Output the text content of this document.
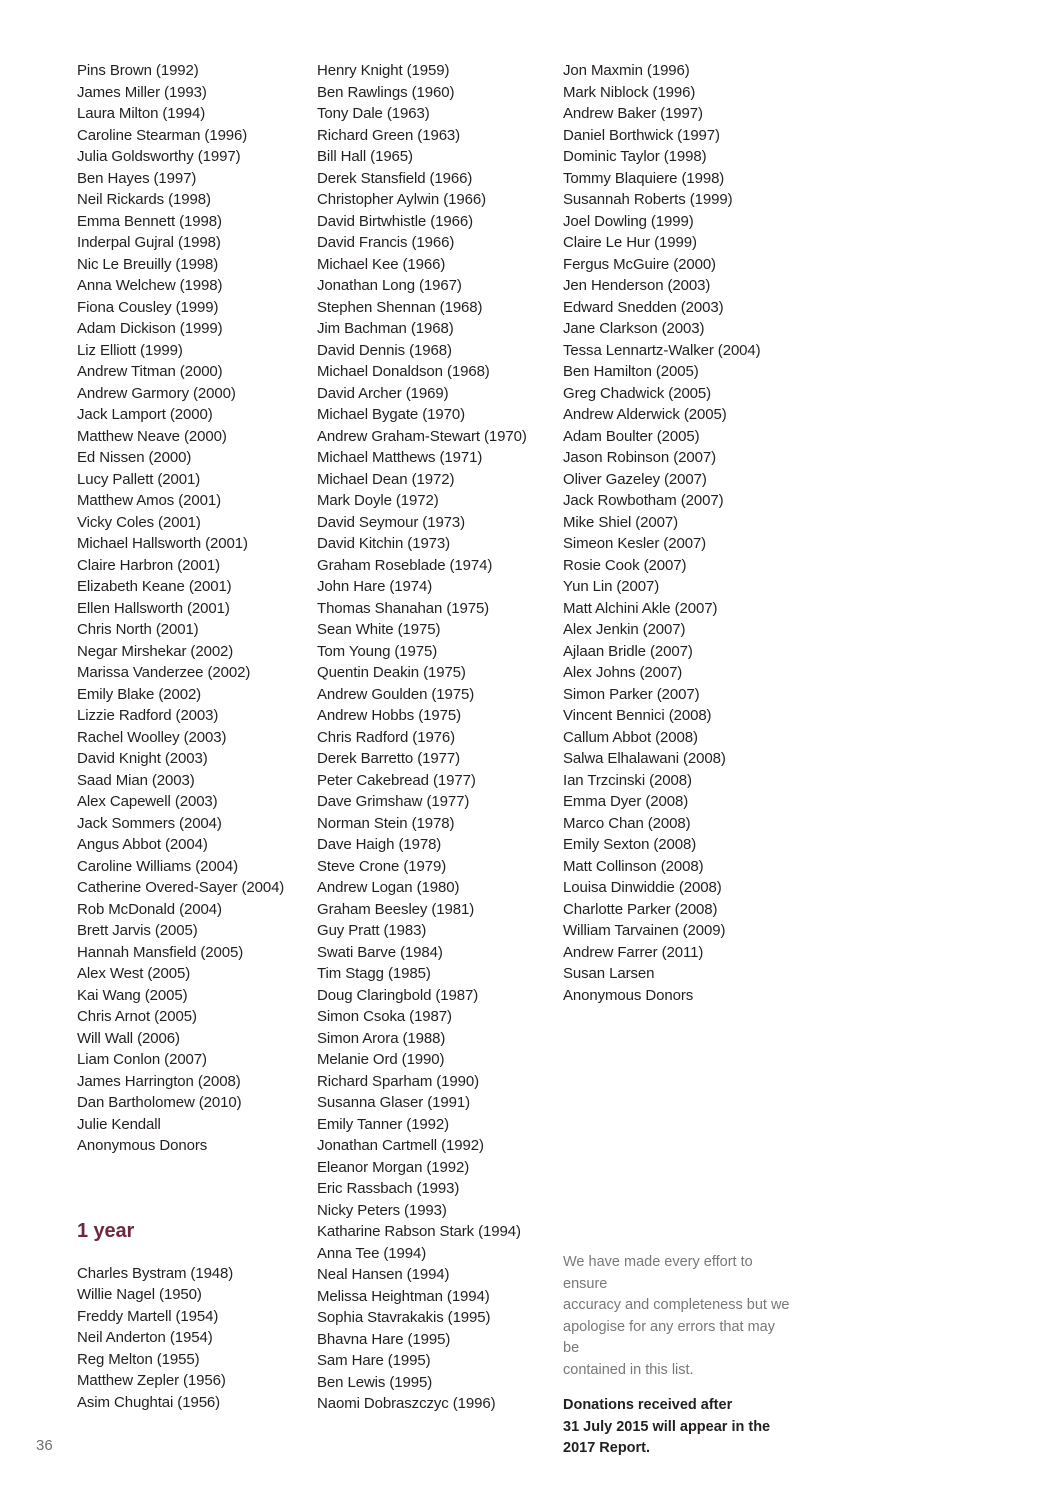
Pins Brown (1992)
James Miller (1993)
Laura Milton (1994)
Caroline Stearman (1996)
Julia Goldsworthy (1997)
Ben Hayes (1997)
Neil Rickards (1998)
Emma Bennett (1998)
Inderpal Gujral (1998)
Nic Le Breuilly (1998)
Anna Welchew (1998)
Fiona Cousley (1999)
Adam Dickison (1999)
Liz Elliott (1999)
Andrew Titman (2000)
Andrew Garmory (2000)
Jack Lamport (2000)
Matthew Neave (2000)
Ed Nissen (2000)
Lucy Pallett (2001)
Matthew Amos (2001)
Vicky Coles (2001)
Michael Hallsworth (2001)
Claire Harbron (2001)
Elizabeth Keane (2001)
Ellen Hallsworth (2001)
Chris North (2001)
Negar Mirshekar (2002)
Marissa Vanderzee (2002)
Emily Blake (2002)
Lizzie Radford (2003)
Rachel Woolley (2003)
David Knight (2003)
Saad Mian (2003)
Alex Capewell (2003)
Jack Sommers (2004)
Angus Abbot (2004)
Caroline Williams (2004)
Catherine Overed-Sayer (2004)
Rob McDonald (2004)
Brett Jarvis (2005)
Hannah Mansfield (2005)
Alex West (2005)
Kai Wang (2005)
Chris Arnot (2005)
Will Wall (2006)
Liam Conlon (2007)
James Harrington (2008)
Dan Bartholomew (2010)
Julie Kendall
Anonymous Donors
1 year
Charles Bystram (1948)
Willie Nagel (1950)
Freddy Martell (1954)
Neil Anderton (1954)
Reg Melton (1955)
Matthew Zepler (1956)
Asim Chughtai (1956)
Henry Knight (1959)
Ben Rawlings (1960)
Tony Dale (1963)
Richard Green (1963)
Bill Hall (1965)
Derek Stansfield (1966)
Christopher Aylwin (1966)
David Birtwhistle (1966)
David Francis (1966)
Michael Kee (1966)
Jonathan Long (1967)
Stephen Shennan (1968)
Jim Bachman (1968)
David Dennis (1968)
Michael Donaldson (1968)
David Archer (1969)
Michael Bygate (1970)
Andrew Graham-Stewart (1970)
Michael Matthews (1971)
Michael Dean (1972)
Mark Doyle (1972)
David Seymour (1973)
David Kitchin (1973)
Graham Roseblade (1974)
John Hare (1974)
Thomas Shanahan (1975)
Sean White (1975)
Tom Young (1975)
Quentin Deakin (1975)
Andrew Goulden (1975)
Andrew Hobbs (1975)
Chris Radford (1976)
Derek Barretto (1977)
Peter Cakebread (1977)
Dave Grimshaw (1977)
Norman Stein (1978)
Dave Haigh (1978)
Steve Crone (1979)
Andrew Logan (1980)
Graham Beesley (1981)
Guy Pratt (1983)
Swati Barve (1984)
Tim Stagg (1985)
Doug Claringbold (1987)
Simon Csoka (1987)
Simon Arora (1988)
Melanie Ord (1990)
Richard Sparham (1990)
Susanna Glaser (1991)
Emily Tanner (1992)
Jonathan Cartmell (1992)
Eleanor Morgan (1992)
Eric Rassbach (1993)
Nicky Peters (1993)
Katharine Rabson Stark (1994)
Anna Tee (1994)
Neal Hansen (1994)
Melissa Heightman (1994)
Sophia Stavrakakis (1995)
Bhavna Hare (1995)
Sam Hare (1995)
Ben Lewis (1995)
Naomi Dobraszczyc (1996)
Jon Maxmin (1996)
Mark Niblock (1996)
Andrew Baker (1997)
Daniel Borthwick (1997)
Dominic Taylor (1998)
Tommy Blaquiere (1998)
Susannah Roberts (1999)
Joel Dowling (1999)
Claire Le Hur (1999)
Fergus McGuire (2000)
Jen Henderson (2003)
Edward Snedden (2003)
Jane Clarkson (2003)
Tessa Lennartz-Walker (2004)
Ben Hamilton (2005)
Greg Chadwick (2005)
Andrew Alderwick (2005)
Adam Boulter (2005)
Jason Robinson (2007)
Oliver Gazeley (2007)
Jack Rowbotham (2007)
Mike Shiel (2007)
Simeon Kesler (2007)
Rosie Cook (2007)
Yun Lin (2007)
Matt Alchini Akle (2007)
Alex Jenkin (2007)
Ajlaan Bridle (2007)
Alex Johns (2007)
Simon Parker (2007)
Vincent Bennici (2008)
Callum Abbot (2008)
Salwa Elhalawani (2008)
Ian Trzcinski (2008)
Emma Dyer (2008)
Marco Chan (2008)
Emily Sexton (2008)
Matt Collinson (2008)
Louisa Dinwiddie (2008)
Charlotte Parker (2008)
William Tarvainen (2009)
Andrew Farrer (2011)
Susan Larsen
Anonymous Donors
We have made every effort to ensure
accuracy and completeness but we
apologise for any errors that may be
contained in this list.
Donations received after
31 July 2015 will appear in the
2017 Report.
36
